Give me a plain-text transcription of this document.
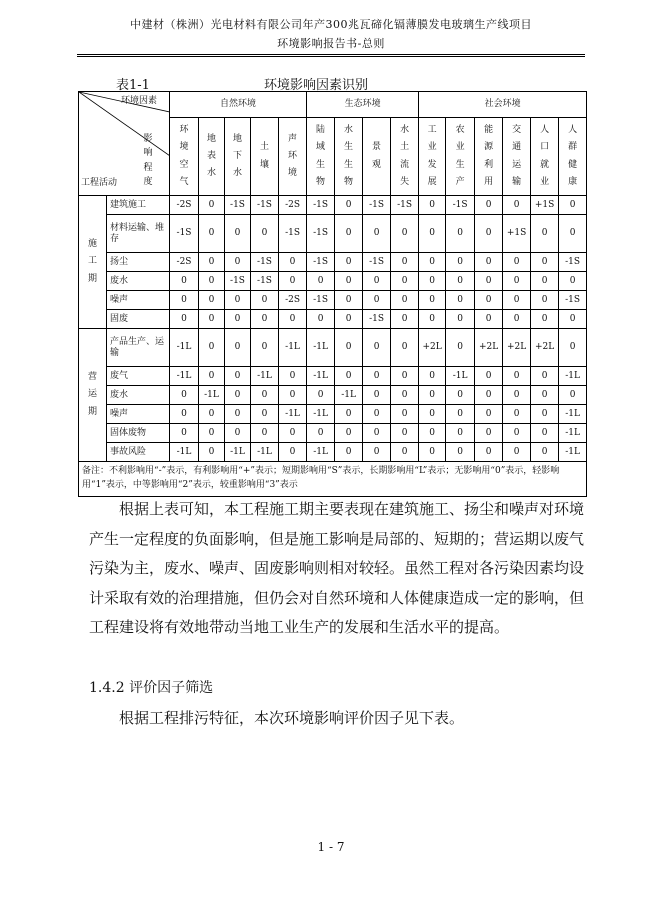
中建材（株洲）光电材料有限公司年产300兆瓦碲化镉薄膜发电玻璃生产线项目
环境影响报告书-总则
表1-1	环境影响因素识别
环境因素
影响程度
工程活动		自然环境					生态环境				社会环境					
		环境空气	地表水	地下水	土壤	声环境	陆域生物	水生生物	景观	水土流失	工业发展	农业生产	能源利用	交通运输	人口就业	人群健康
施工期	建筑施工	-2S	0	-1S	-1S	-2S	-1S	0	-1S	-1S	0	-1S	0	0	+1S	0
	材料运输、堆存	-1S	0	0	0	-1S	-1S	0	0	0	0	0	0	+1S	0	0
	扬尘	-2S	0	0	-1S	0	-1S	0	-1S	0	0	0	0	0	0	-1S
	废水	0	0	-1S	-1S	0	0	0	0	0	0	0	0	0	0	0
	噪声	0	0	0	0	-2S	-1S	0	0	0	0	0	0	0	0	-1S
	固废	0	0	0	0	0	0	0	-1S	0	0	0	0	0	0	0
营运期	产品生产、运输	-1L	0	0	0	-1L	-1L	0	0	0	+2L	0	+2L	+2L	+2L	0
	废气	-1L	0	0	-1L	0	-1L	0	0	0	0	-1L	0	0	0	-1L
	废水	0	-1L	0	0	0	0	-1L	0	0	0	0	0	0	0	0
	噪声	0	0	0	0	-1L	-1L	0	0	0	0	0	0	0	0	-1L
	固体废物	0	0	0	0	0	0	0	0	0	0	0	0	0	0	-1L
	事故风险	-1L	0	-1L	-1L	0	-1L	0	0	0	0	0	0	0	0	-1L
备注：不利影响用“-”表示，有利影响用“+”表示；短期影响用“S”表示，长期影响用“L”表示；无影响用“0”表示，轻影响用“1”表示，中等影响用“2”表示，较重影响用“3”表示																
根据上表可知，本工程施工期主要表现在建筑施工、扬尘和噪声对环境产生一定程度的负面影响，但是施工影响是局部的、短期的；营运期以废气污染为主，废水、噪声、固废影响则相对较轻。虽然工程对各污染因素均设计采取有效的治理措施，但仍会对自然环境和人体健康造成一定的影响，但工程建设将有效地带动当地工业生产的发展和生活水平的提高。
1.4.2 评价因子筛选
根据工程排污特征，本次环境影响评价因子见下表。
1 - 7
